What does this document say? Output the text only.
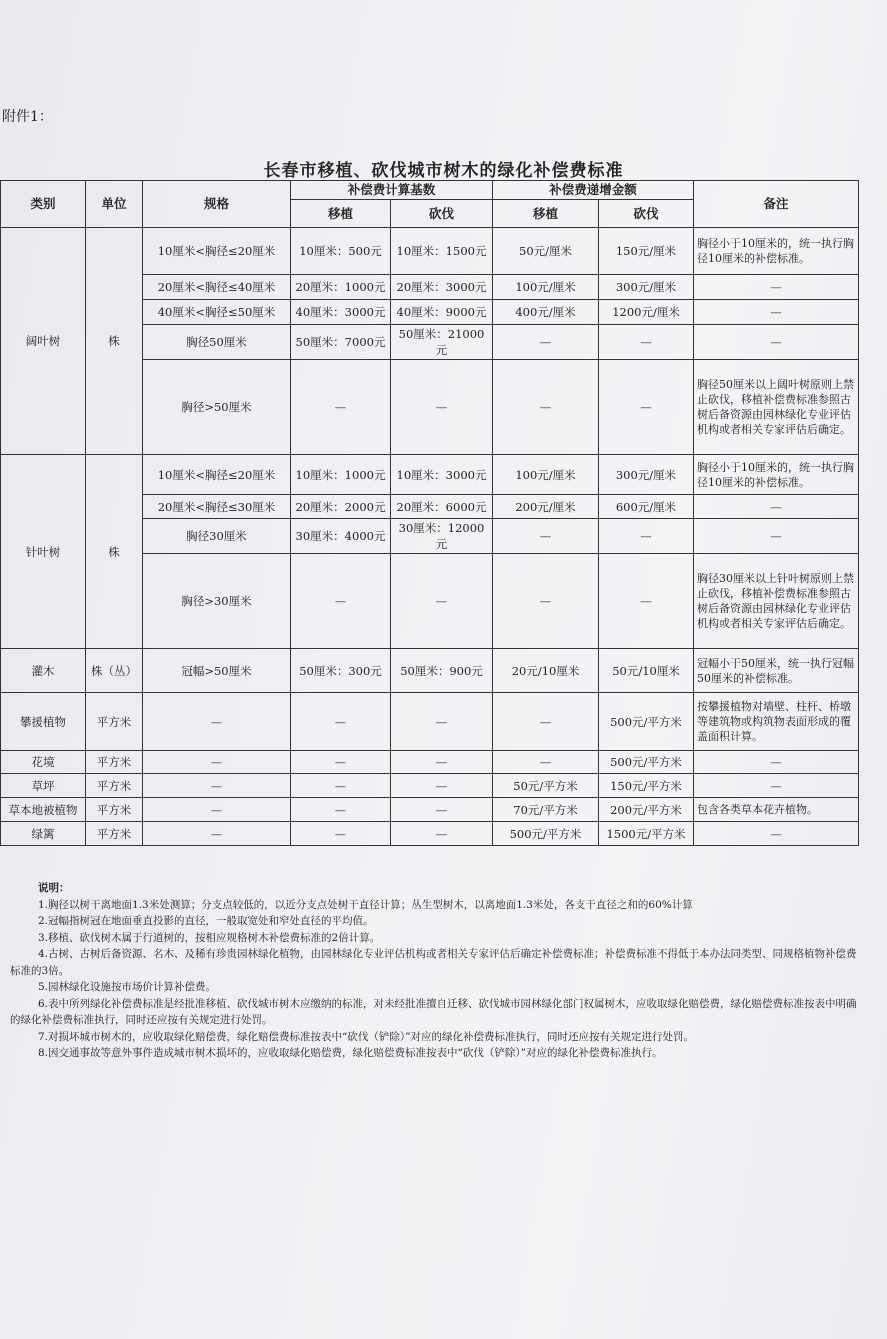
附件1：
长春市移植、砍伐城市树木的绿化补偿费标准
类别	单位	规格	补偿费计算基数		补偿费递增金额		备注
			移植	砍伐	移植	砍伐	

阔叶树	株	10厘米<胸径≤20厘米	10厘米：500元	10厘米：1500元	50元/厘米	150元/厘米	胸径小于10厘米的，统一执行胸径10厘米的补偿标准。
		20厘米<胸径≤40厘米	20厘米：1000元	20厘米：3000元	100元/厘米	300元/厘米	—
		40厘米<胸径≤50厘米	40厘米：3000元	40厘米：9000元	400元/厘米	1200元/厘米	—
		胸径50厘米	50厘米：7000元	50厘米：21000元	—	—	—
		胸径>50厘米	—	—	—	—	胸径50厘米以上阔叶树原则上禁止砍伐，移植补偿费标准参照古树后备资源由园林绿化专业评估机构或者相关专家评估后确定。
针叶树	株	10厘米<胸径≤20厘米	10厘米：1000元	10厘米：3000元	100元/厘米	300元/厘米	胸径小于10厘米的，统一执行胸径10厘米的补偿标准。
		20厘米<胸径≤30厘米	20厘米：2000元	20厘米：6000元	200元/厘米	600元/厘米	—
		胸径30厘米	30厘米：4000元	30厘米：12000元	—	—	—
		胸径>30厘米	—	—	—	—	胸径30厘米以上针叶树原则上禁止砍伐，移植补偿费标准参照古树后备资源由园林绿化专业评估机构或者相关专家评估后确定。
灌木	株（丛）	冠幅>50厘米	50厘米：300元	50厘米：900元	20元/10厘米	50元/10厘米	冠幅小于50厘米，统一执行冠幅50厘米的补偿标准。
攀援植物	平方米	—	—	—	—	500元/平方米	按攀援植物对墙壁、柱杆、桥墩等建筑物或构筑物表面形成的覆盖面积计算。
花境	平方米	—	—	—	—	500元/平方米	—
草坪	平方米	—	—	—	50元/平方米	150元/平方米	—
草本地被植物	平方米	—	—	—	70元/平方米	200元/平方米	包含各类草本花卉植物。
绿篱	平方米	—	—	—	500元/平方米	1500元/平方米	—
说明：

1.胸径以树干离地面1.3米处测算；分支点较低的，以近分支点处树干直径计算；丛生型树木，以离地面1.3米处，各支干直径之和的60%计算

2.冠幅指树冠在地面垂直投影的直径，一般取宽处和窄处直径的平均值。

3.移植、砍伐树木属于行道树的，按相应规格树木补偿费标准的2倍计算。

4.古树、古树后备资源、名木、及稀有珍贵园林绿化植物，由园林绿化专业评估机构或者相关专家评估后确定补偿费标准；补偿费标准不得低于本办法同类型、同规格植物补偿费标准的3倍。

5.园林绿化设施按市场价计算补偿费。

6.表中所列绿化补偿费标准是经批准移植、砍伐城市树木应缴纳的标准，对未经批准擅自迁移、砍伐城市园林绿化部门权属树木，应收取绿化赔偿费，绿化赔偿费标准按表中明确的绿化补偿费标准执行，同时还应按有关规定进行处罚。

7.对损坏城市树木的，应收取绿化赔偿费，绿化赔偿费标准按表中“砍伐（铲除）”对应的绿化补偿费标准执行，同时还应按有关规定进行处罚。

8.因交通事故等意外事件造成城市树木损坏的，应收取绿化赔偿费，绿化赔偿费标准按表中“砍伐（铲除）”对应的绿化补偿费标准执行。
